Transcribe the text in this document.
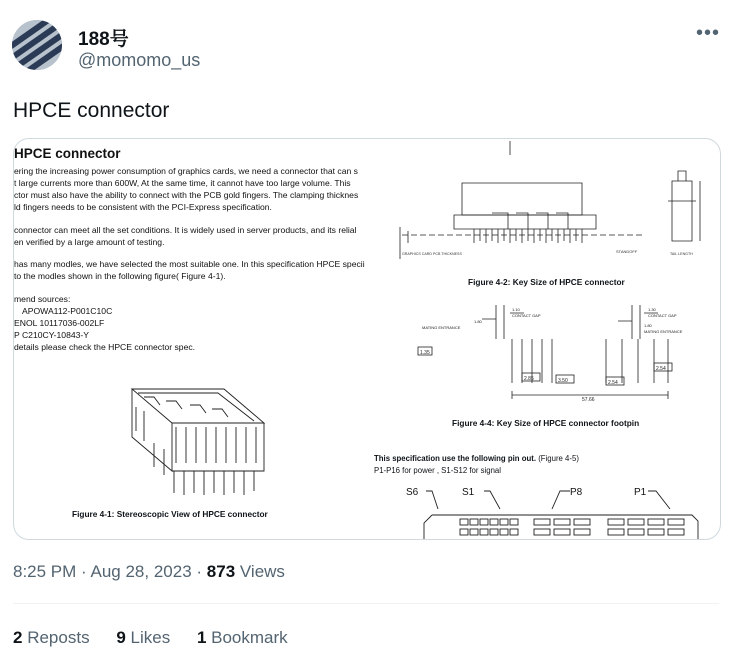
188号
@momomo_us
•••
HPCE connector
HPCE connector

ering the increasing power consumption of graphics cards, we need a connector that can s

t large currents more than 600W, At the same time, it cannot have too large volume. This

ctor must also have the ability to connect with the PCB gold fingers. The clamping thicknes

ld fingers needs to be consistent with the PCI-Express specification.

connector can meet all the set conditions. It is widely used in server products, and its relial

en verified by a large amount of testing.

has many modles, we have selected the most suitable one. In this specification HPCE specii

to the modles shown in the following figure( Figure 4-1).

mend sources:

APOWA112-P001C10C

ENOL 10117036-002LF

P C210CY-10843-Y

details please check the HPCE connector spec.

Figure 4-1: Stereoscopic View of HPCE connector
STANDOFF
GRAPHICS CARD PCB THICKNESS	TAIL LENGTH
Figure 4-2: Key Size of HPCE connector
1.10
CONTACT GAP
1.80
MATING ENTRANCE
1.30
CONTACT GAP
1.80
MATING ENTRANCE
1.35
2.85	3.50	2.54
2.54
57.66
Figure 4-4: Key Size of HPCE connector footpin
This specification use the following pin out. (Figure 4-5)
P1-P16 for power , S1-S12 for signal
S6	S1	P8	P1
8:25 PM · Aug 28, 2023 · 873 Views
2 Reposts 9 Likes 1 Bookmark
